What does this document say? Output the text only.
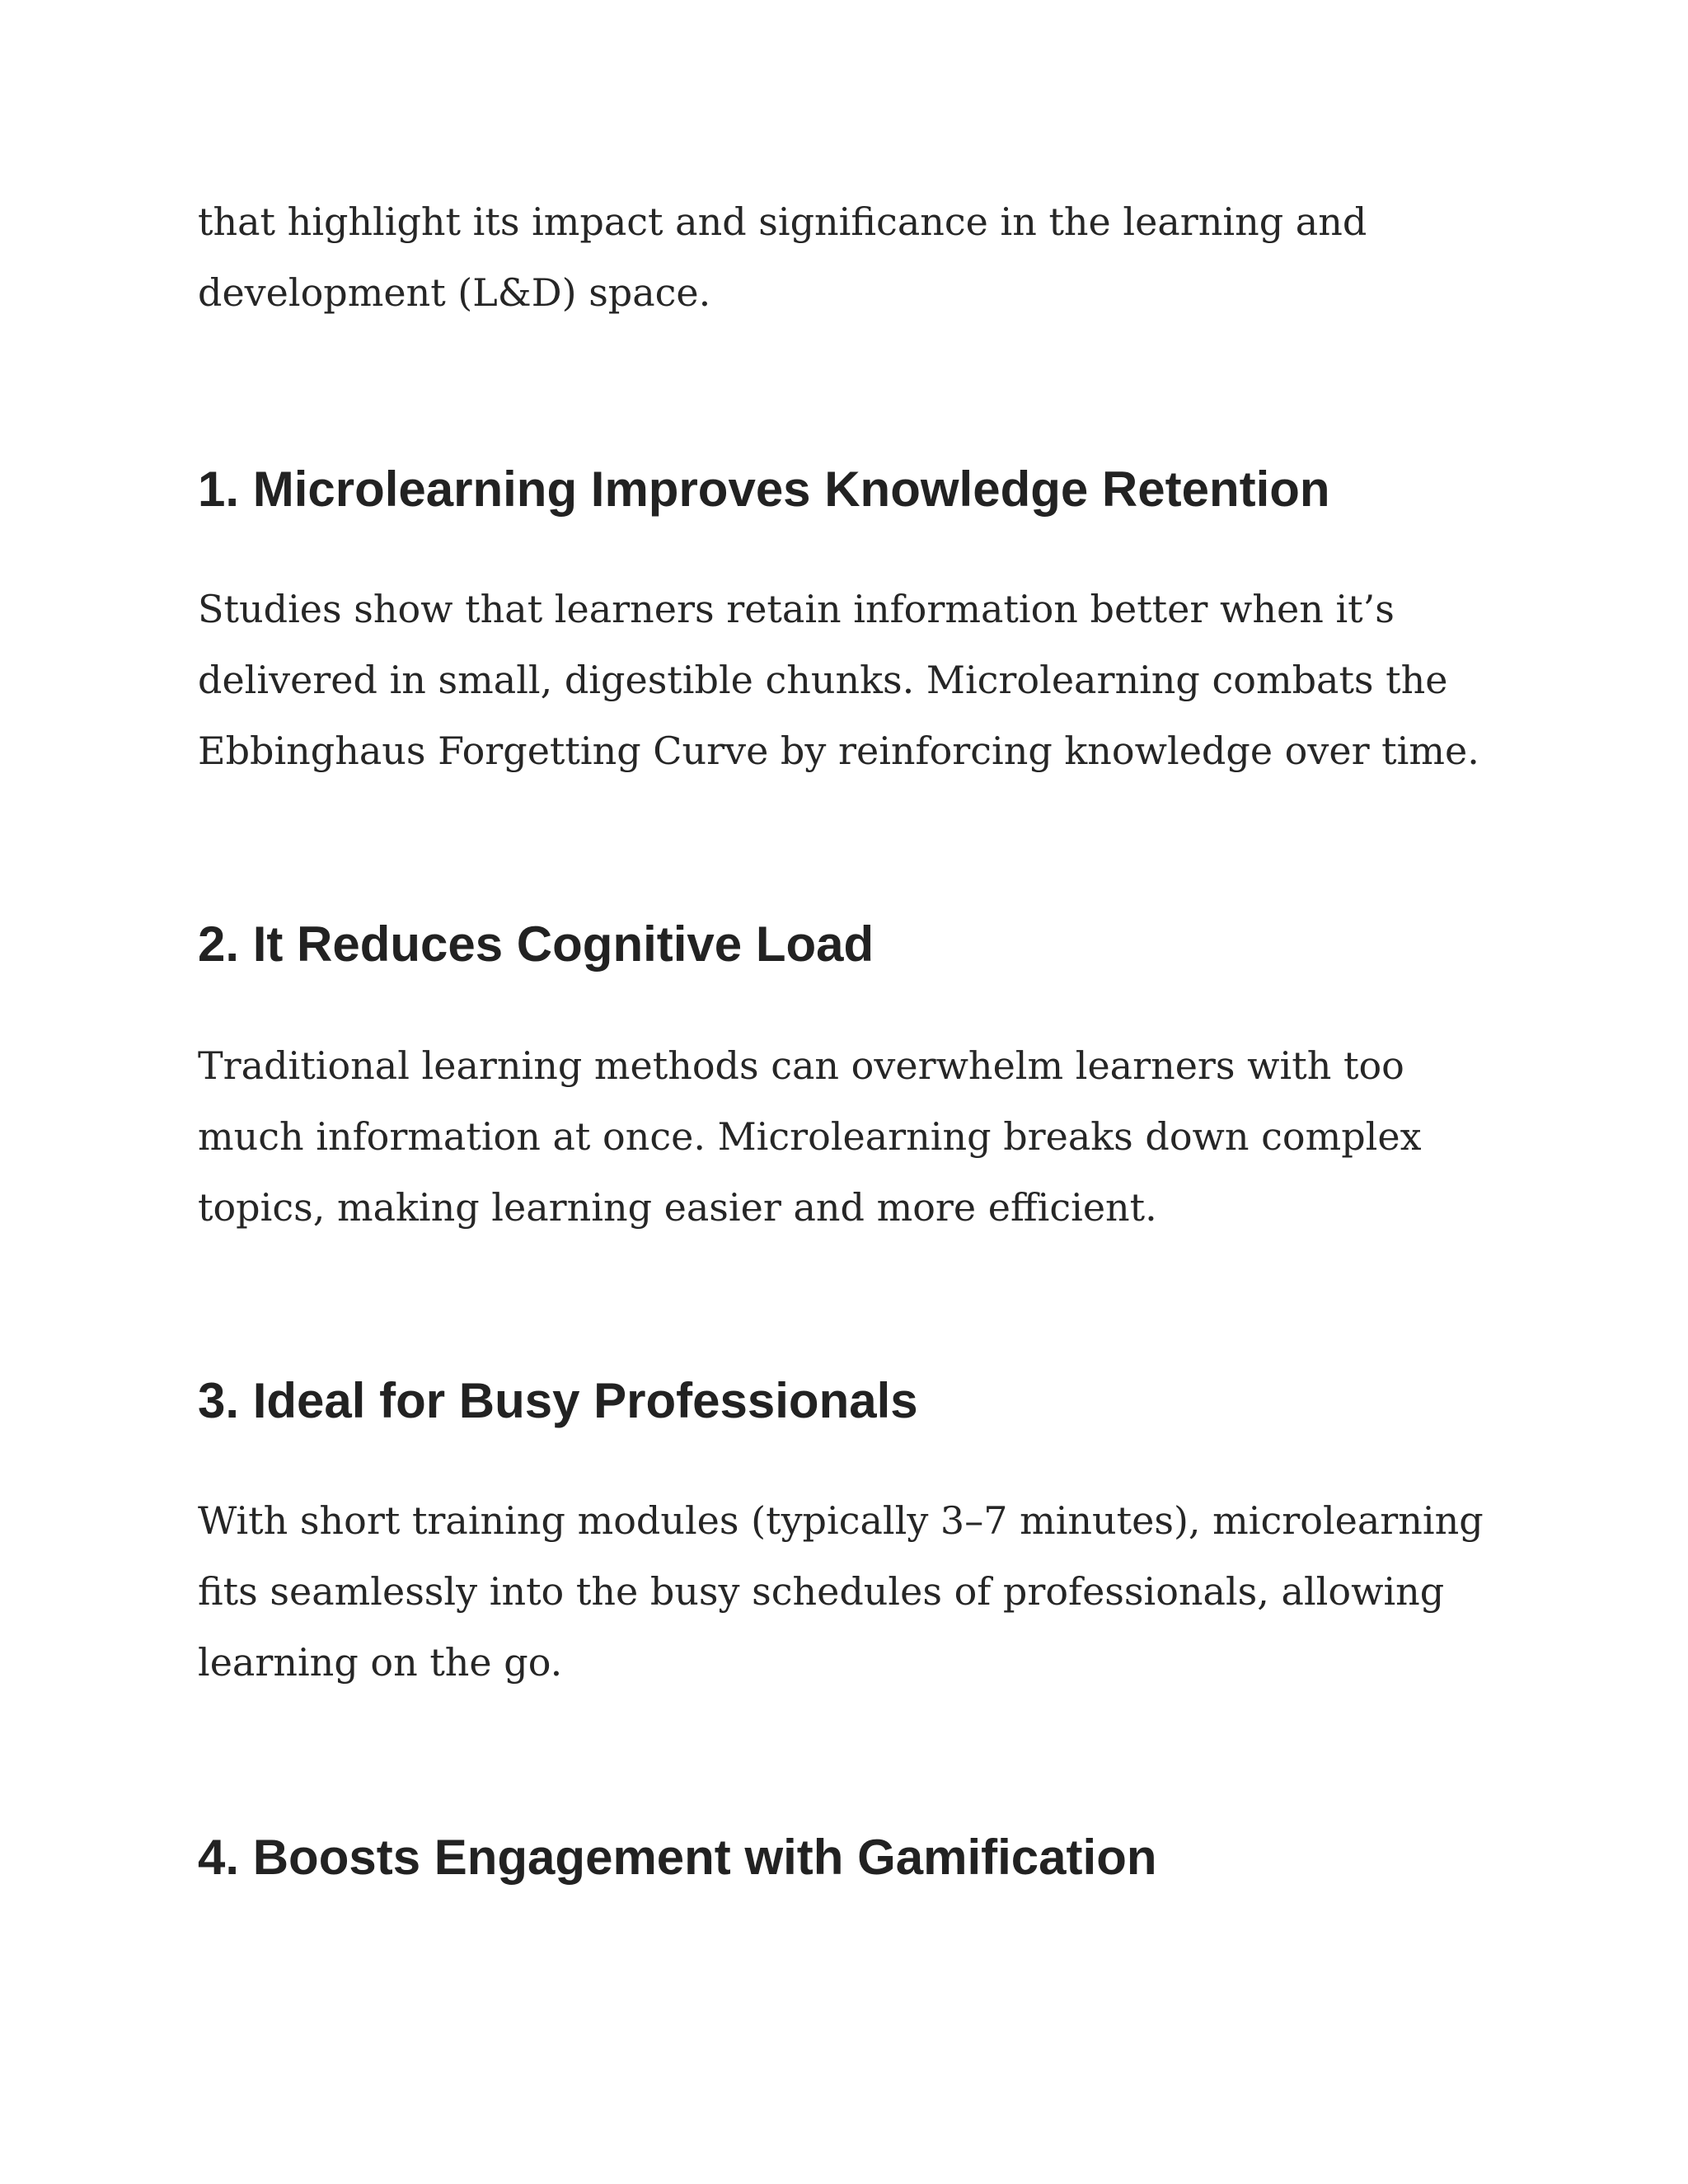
that highlight its impact and significance in the learning and development (L&D) space.

1. Microlearning Improves Knowledge Retention

Studies show that learners retain information better when it’s delivered in small, digestible chunks. Microlearning combats the Ebbinghaus Forgetting Curve by reinforcing knowledge over time.

2. It Reduces Cognitive Load

Traditional learning methods can overwhelm learners with too much information at once. Microlearning breaks down complex topics, making learning easier and more efficient.

3. Ideal for Busy Professionals

With short training modules (typically 3–7 minutes), microlearning fits seamlessly into the busy schedules of professionals, allowing learning on the go.

4. Boosts Engagement with Gamification
